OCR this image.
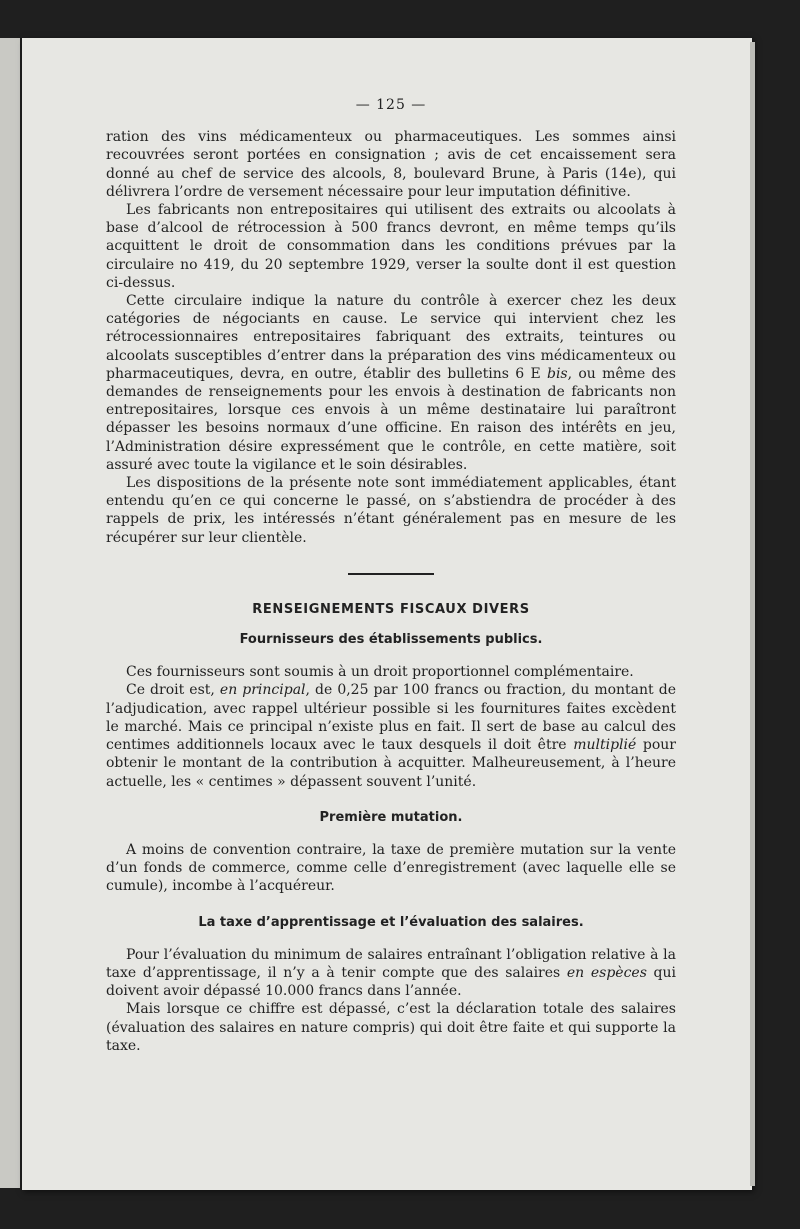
— 125 —

ration des vins médicamenteux ou pharmaceutiques. Les sommes ainsi recouvrées seront portées en consignation ; avis de cet encaissement sera donné au chef de service des alcools, 8, boulevard Brune, à Paris (14e), qui délivrera l’ordre de versement nécessaire pour leur imputation définitive.

Les fabricants non entrepositaires qui utilisent des extraits ou alcoolats à base d’alcool de rétrocession à 500 francs devront, en même temps qu’ils acquittent le droit de consommation dans les conditions prévues par la circulaire no 419, du 20 septembre 1929, verser la soulte dont il est question ci-dessus.

Cette circulaire indique la nature du contrôle à exercer chez les deux catégories de négociants en cause. Le service qui intervient chez les rétrocessionnaires entrepositaires fabriquant des extraits, teintures ou alcoolats susceptibles d’entrer dans la préparation des vins médicamenteux ou pharmaceutiques, devra, en outre, établir des bulletins 6 E bis, ou même des demandes de renseignements pour les envois à destination de fabricants non entrepositaires, lorsque ces envois à un même destinataire lui paraîtront dépasser les besoins normaux d’une officine. En raison des intérêts en jeu, l’Administration désire expressément que le contrôle, en cette matière, soit assuré avec toute la vigilance et le soin désirables.

Les dispositions de la présente note sont immédiatement applicables, étant entendu qu’en ce qui concerne le passé, on s’abstiendra de procéder à des rappels de prix, les intéressés n’étant généralement pas en mesure de les récupérer sur leur clientèle.

RENSEIGNEMENTS FISCAUX DIVERS
Fournisseurs des établissements publics.

Ces fournisseurs sont soumis à un droit proportionnel complémentaire.

Ce droit est, en principal, de 0,25 par 100 francs ou fraction, du montant de l’adjudication, avec rappel ultérieur possible si les fournitures faites excèdent le marché. Mais ce principal n’existe plus en fait. Il sert de base au calcul des centimes additionnels locaux avec le taux desquels il doit être multiplié pour obtenir le montant de la contribution à acquitter. Malheureusement, à l’heure actuelle, les « centimes » dépassent souvent l’unité.

Première mutation.

A moins de convention contraire, la taxe de première mutation sur la vente d’un fonds de commerce, comme celle d’enregistrement (avec laquelle elle se cumule), incombe à l’acquéreur.

La taxe d’apprentissage et l’évaluation des salaires.

Pour l’évaluation du minimum de salaires entraînant l’obligation relative à la taxe d’apprentissage, il n’y a à tenir compte que des salaires en espèces qui doivent avoir dépassé 10.000 francs dans l’année.

Mais lorsque ce chiffre est dépassé, c’est la déclaration totale des salaires (évaluation des salaires en nature compris) qui doit être faite et qui supporte la taxe.
